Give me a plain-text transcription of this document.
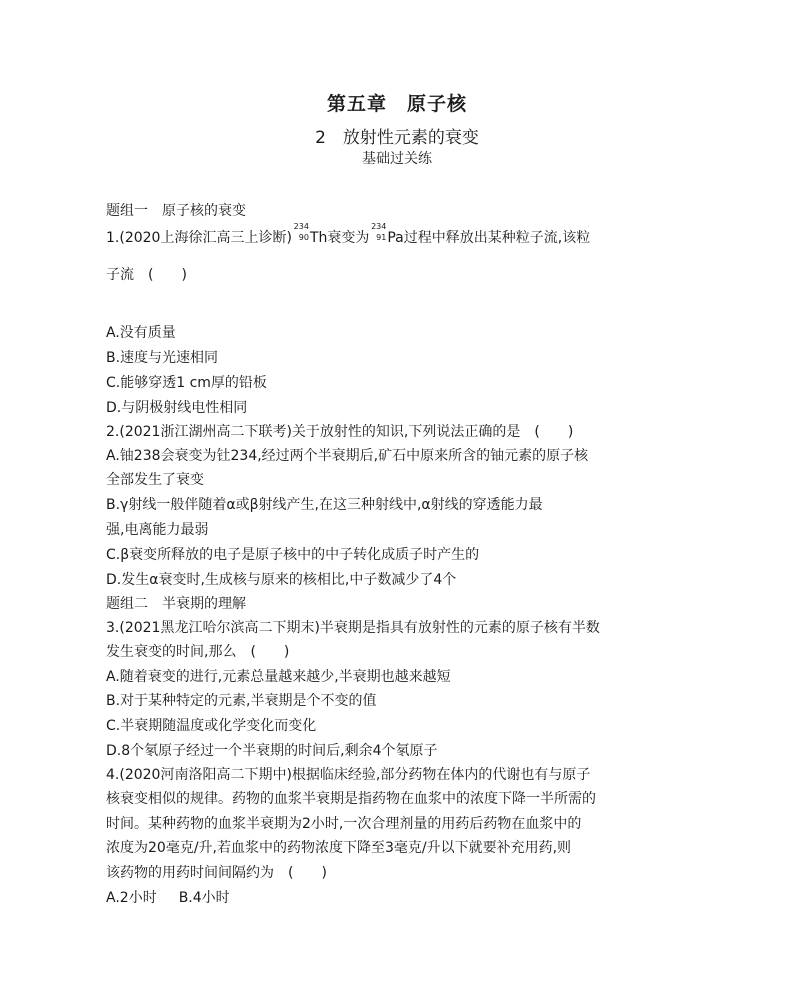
第五章　原子核
2　放射性元素的衰变
基础过关练
题组一　原子核的衰变
1.(2020上海徐汇高三上诊断)
234
90 Th衰变为
234
91 Pa过程中释放出某种粒子流,该粒
子流 (　　)
A.没有质量
B.速度与光速相同
C.能够穿透1 cm厚的铅板
D.与阴极射线电性相同
2.(2021浙江湖州高二下联考)关于放射性的知识,下列说法正确的是 (　　)
A.铀238会衰变为钍234,经过两个半衰期后,矿石中原来所含的铀元素的原子核
全部发生了衰变
B.γ射线一般伴随着α或β射线产生,在这三种射线中,α射线的穿透能力最
强,电离能力最弱
C.β衰变所释放的电子是原子核中的中子转化成质子时产生的
D.发生α衰变时,生成核与原来的核相比,中子数减少了4个
题组二　半衰期的理解
3.(2021黑龙江哈尔滨高二下期末)半衰期是指具有放射性的元素的原子核有半数
发生衰变的时间,那么 (　　)
A.随着衰变的进行,元素总量越来越少,半衰期也越来越短
B.对于某种特定的元素,半衰期是个不变的值
C.半衰期随温度或化学变化而变化
D.8个氡原子经过一个半衰期的时间后,剩余4个氡原子
4.(2020河南洛阳高二下期中)根据临床经验,部分药物在体内的代谢也有与原子
核衰变相似的规律。药物的血浆半衰期是指药物在血浆中的浓度下降一半所需的
时间。某种药物的血浆半衰期为2小时,一次合理剂量的用药后药物在血浆中的
浓度为20毫克/升,若血浆中的药物浓度下降至3毫克/升以下就要补充用药,则
该药物的用药时间间隔约为 (　　)
A.2小时 B.4小时
